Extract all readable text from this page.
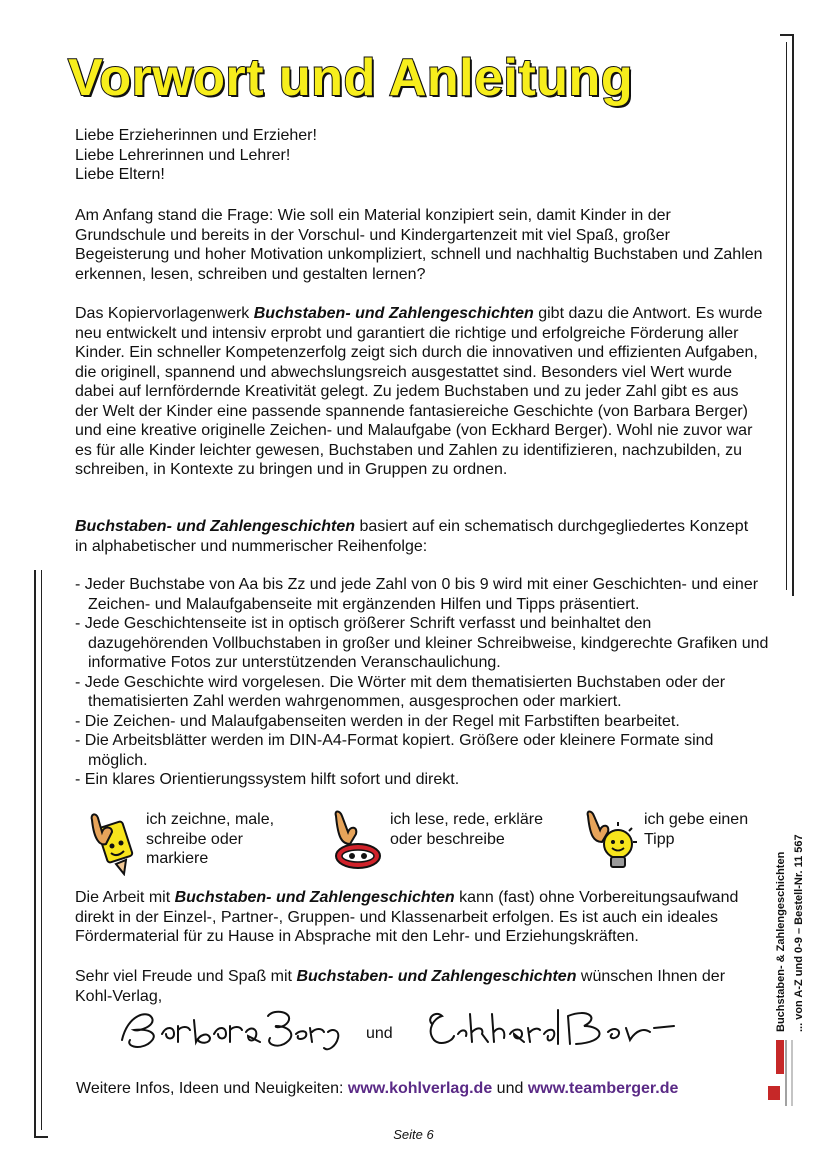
Vorwort und Anleitung

Liebe Erzieherinnen und Erzieher!

Liebe Lehrerinnen und Lehrer!

Liebe Eltern!

Am Anfang stand die Frage: Wie soll ein Material konzipiert sein, damit Kinder in der Grundschule und bereits in der Vorschul- und Kindergartenzeit mit viel Spaß, großer Begeisterung und hoher Motivation unkompliziert, schnell und nachhaltig Buchstaben und Zahlen erkennen, lesen, schreiben und gestalten lernen?

Das Kopiervorlagenwerk Buchstaben- und Zahlengeschichten gibt dazu die Antwort. Es wurde neu entwickelt und intensiv erprobt und garantiert die richtige und erfolgreiche Förderung aller Kinder. Ein schneller Kompetenzerfolg zeigt sich durch die innovativen und effizienten Aufgaben, die originell, spannend und abwechslungsreich ausgestattet sind. Besonders viel Wert wurde dabei auf lernfördernde Kreativität gelegt. Zu jedem Buchstaben und zu jeder Zahl gibt es aus der Welt der Kinder eine passende spannende fantasiereiche Geschichte (von Barbara Berger) und eine kreative originelle Zeichen- und Malaufgabe (von Eckhard Berger). Wohl nie zuvor war es für alle Kinder leichter gewesen, Buchstaben und Zahlen zu identifizieren, nachzubilden, zu schreiben, in Kontexte zu bringen und in Gruppen zu ordnen.

Buchstaben- und Zahlengeschichten basiert auf ein schematisch durchgegliedertes Konzept in alphabetischer und nummerischer Reihenfolge:

- Jeder Buchstabe von Aa bis Zz und jede Zahl von 0 bis 9 wird mit einer Geschichten- und einer Zeichen- und Malaufgabenseite mit ergänzenden Hilfen und Tipps präsentiert.
- Jede Geschichtenseite ist in optisch größerer Schrift verfasst und beinhaltet den dazugehörenden Vollbuchstaben in großer und kleiner Schreibweise, kindgerechte Grafiken und informative Fotos zur unterstützenden Veranschaulichung.
- Jede Geschichte wird vorgelesen. Die Wörter mit dem thematisierten Buchstaben oder der thematisierten Zahl werden wahrgenommen, ausgesprochen oder markiert.
- Die Zeichen- und Malaufgabenseiten werden in der Regel mit Farbstiften bearbeitet.
- Die Arbeitsblätter werden im DIN-A4-Format kopiert. Größere oder kleinere Formate sind möglich.
- Ein klares Orientierungssystem hilft sofort und direkt.
ich zeichne, male,
schreibe oder
markiere
ich lese, rede, erkläre
oder beschreibe
ich gebe einen
Tipp

Die Arbeit mit Buchstaben- und Zahlengeschichten kann (fast) ohne Vorbereitungsaufwand direkt in der Einzel-, Partner-, Gruppen- und Klassenarbeit erfolgen. Es ist auch ein ideales Fördermaterial für zu Hause in Absprache mit den Lehr- und Erziehungskräften.

Sehr viel Freude und Spaß mit Buchstaben- und Zahlengeschichten wünschen Ihnen der Kohl-Verlag,

und
Weitere Infos, Ideen und Neuigkeiten: www.kohlverlag.de und www.teamberger.de
Seite 6
Buchstaben- & Zahlengeschichten ... von A-Z und 0-9 – Bestell-Nr. 11 567
